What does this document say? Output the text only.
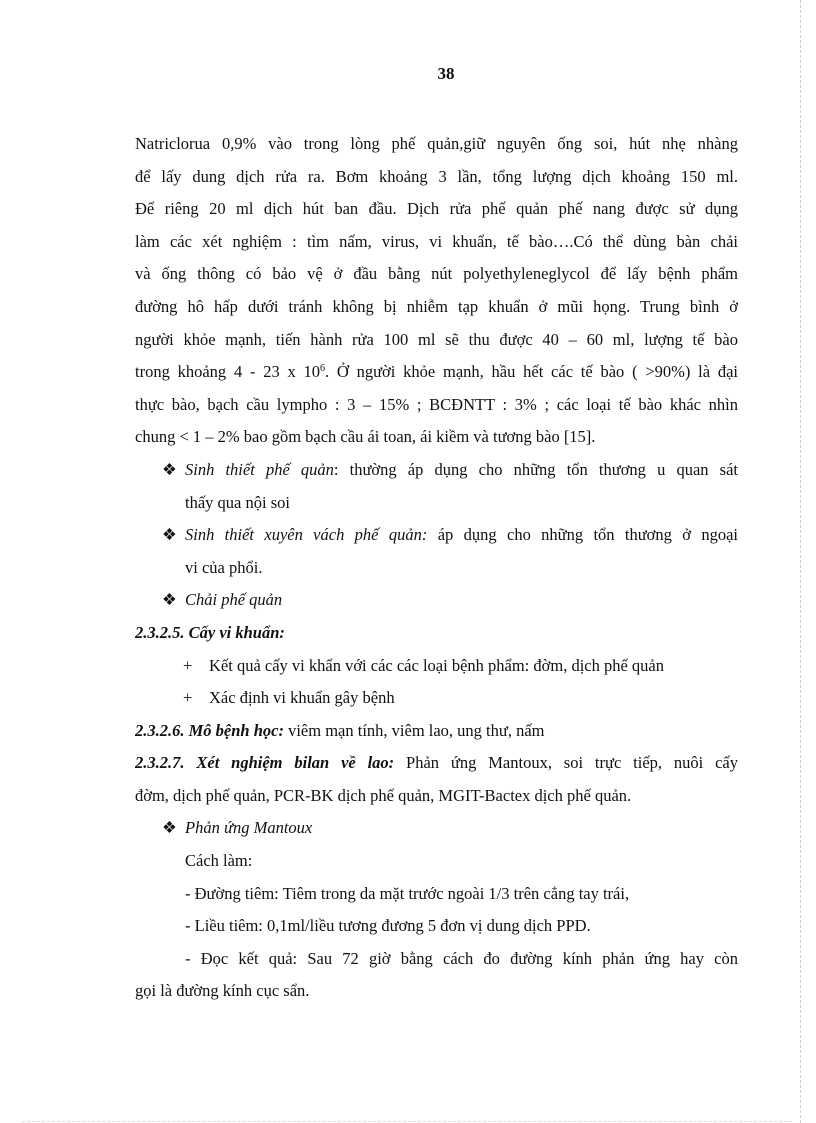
38
Natriclorua 0,9% vào trong lòng phế quản,giữ nguyên ống soi, hút nhẹ nhàng
để lấy dung dịch rửa ra. Bơm khoảng 3 lần, tổng lượng dịch khoảng 150 ml.
Để riêng 20 ml dịch hút ban đầu. Dịch rửa phế quản phế nang được sử dụng
làm các xét nghiệm : tìm nấm, virus, vi khuẩn, tế bào….Có thể dùng bàn chải
và ống thông có bảo vệ ở đầu bằng nút polyethyleneglycol để lấy bệnh phẩm
đường hô hấp dưới tránh không bị nhiễm tạp khuẩn ở mũi họng. Trung bình ở
người khỏe mạnh, tiến hành rửa 100 ml sẽ thu được 40 – 60 ml, lượng tế bào
trong khoảng 4 - 23 x $10^6$. Ở người khỏe mạnh, hầu hết các tế bào ( >90%) là đại
thực bào, bạch cầu lympho : 3 – 15% ; BCĐNTT : 3% ; các loại tế bào khác nhìn
chung < 1 – 2% bao gồm bạch cầu ái toan, ái kiềm và tương bào [15].
❖ Sinh thiết phế quản: thường áp dụng cho những tổn thương u quan sát
thấy qua nội soi
❖ Sinh thiết xuyên vách phế quản: áp dụng cho những tổn thương ở ngoại
vi của phổi.
❖ Chải phế quản
2.3.2.5. Cấy vi khuẩn:
+ Kết quả cấy vi khẩn với các các loại bệnh phẩm: đờm, dịch phế quản
+ Xác định vi khuẩn gây bệnh
2.3.2.6. Mô bệnh học: viêm mạn tính, viêm lao, ung thư, nấm
2.3.2.7. Xét nghiệm bilan về lao: Phản ứng Mantoux, soi trực tiếp, nuôi cấy
đờm, dịch phế quản, PCR-BK dịch phế quản, MGIT-Bactex dịch phế quản.
❖ Phản ứng Mantoux
Cách làm:
- Đường tiêm: Tiêm trong da mặt trước ngoài 1/3 trên cẳng tay trái,
- Liều tiêm: 0,1ml/liều tương đương 5 đơn vị dung dịch PPD.
- Đọc kết quả: Sau 72 giờ bằng cách đo đường kính phản ứng hay còn
gọi là đường kính cục sẩn.
